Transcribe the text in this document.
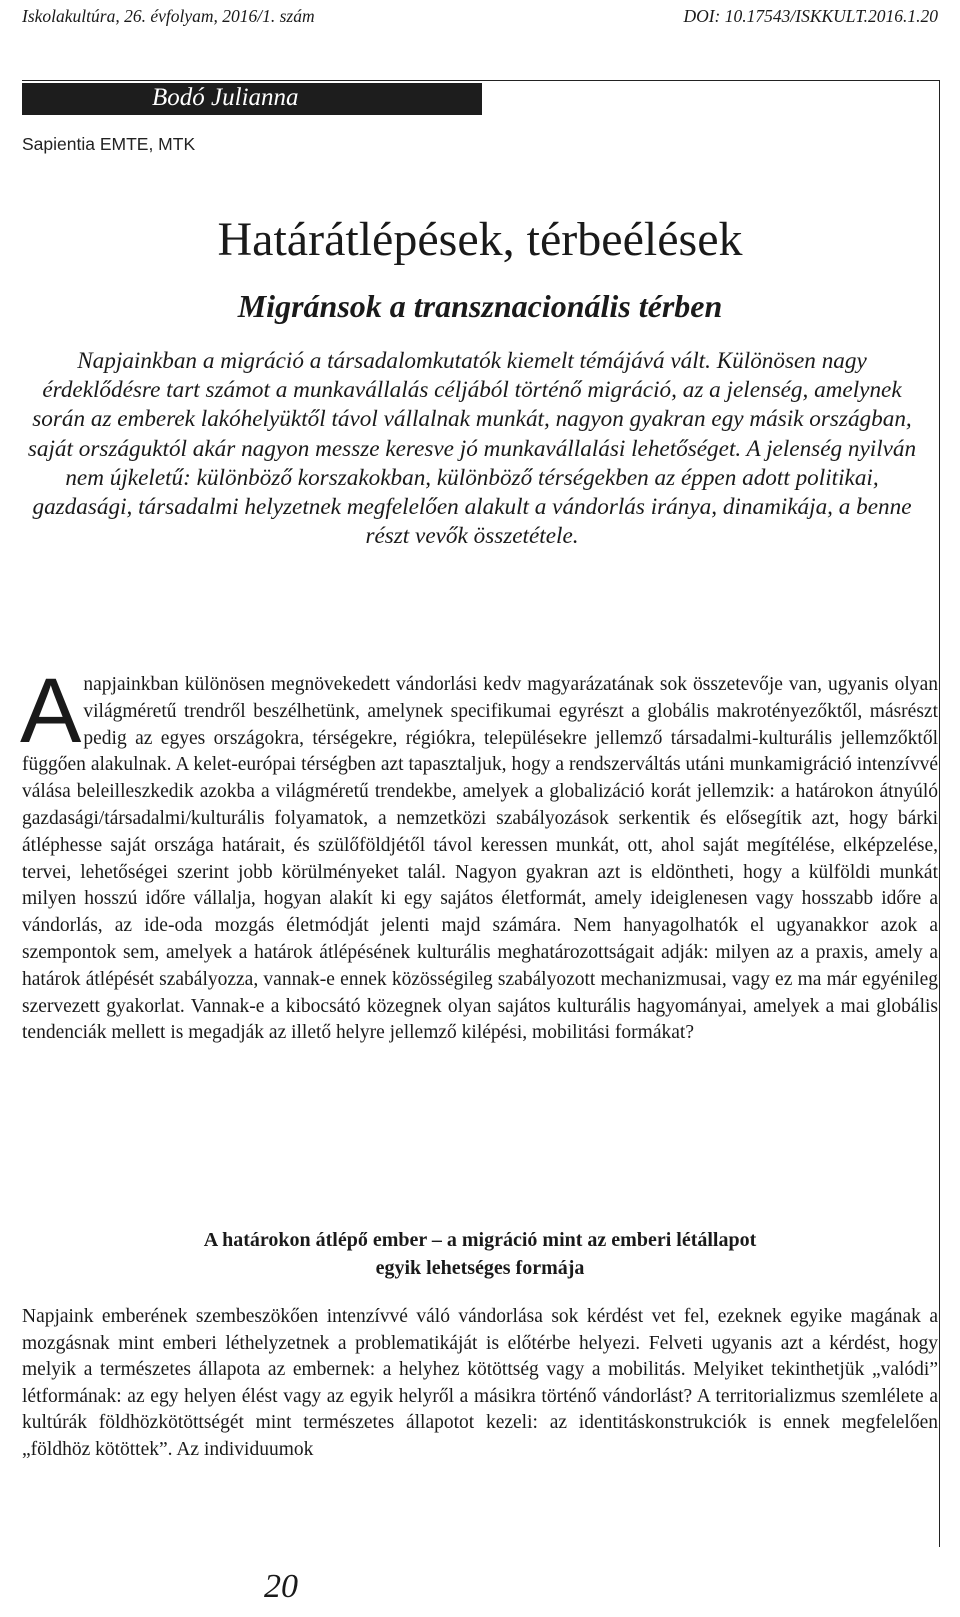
Iskolakultúra, 26. évfolyam, 2016/1. szám	DOI: 10.17543/ISKKULT.2016.1.20
Bodó Julianna
Sapientia EMTE, MTK
Határátlépések, térbeélések
Migránsok a transznacionális térben
Napjainkban a migráció a társadalomkutatók kiemelt témájává vált. Különösen nagy érdeklődésre tart számot a munkavállalás céljából történő migráció, az a jelenség, amelynek során az emberek lakóhelyüktől távol vállalnak munkát, nagyon gyakran egy másik országban, saját országuktól akár nagyon messze keresve jó munkavállalási lehetőséget. A jelenség nyilván nem újkeletű: különböző korszakokban, különböző térségekben az éppen adott politikai, gazdasági, társadalmi helyzetnek megfelelően alakult a vándorlás iránya, dinamikája, a benne részt vevők összetétele.
A napjainkban különösen megnövekedett vándorlási kedv magyarázatának sok összetevője van, ugyanis olyan világméretű trendről beszélhetünk, amelynek specifikumai egyrészt a globális makrotényezőktől, másrészt pedig az egyes országokra, térségekre, régiókra, településekre jellemző társadalmi-kulturális jellemzőktől függően alakulnak. A kelet-európai térségben azt tapasztaljuk, hogy a rendszerváltás utáni munkamigráció intenzívvé válása beleilleszkedik azokba a világméretű trendekbe, amelyek a globalizáció korát jellemzik: a határokon átnyúló gazdasági/társadalmi/kulturális folyamatok, a nemzetközi szabályozások serkentik és elősegítik azt, hogy bárki átléphesse saját országa határait, és szülőföldjétől távol keressen munkát, ott, ahol saját megítélése, elképzelése, tervei, lehetőségei szerint jobb körülményeket talál. Nagyon gyakran azt is eldöntheti, hogy a külföldi munkát milyen hosszú időre vállalja, hogyan alakít ki egy sajátos életformát, amely ideiglenesen vagy hosszabb időre a vándorlás, az ide-oda mozgás életmódját jelenti majd számára. Nem hanyagolhatók el ugyanakkor azok a szempontok sem, amelyek a határok átlépésének kulturális meghatározottságait adják: milyen az a praxis, amely a határok átlépését szabályozza, vannak-e ennek közösségileg szabályozott mechanizmusai, vagy ez ma már egyénileg szervezett gyakorlat. Vannak-e a kibocsátó közegnek olyan sajátos kulturális hagyományai, amelyek a mai globális tendenciák mellett is megadják az illető helyre jellemző kilépési, mobilitási formákat?
A határokon átlépő ember – a migráció mint az emberi létállapot
egyik lehetséges formája
Napjaink emberének szembeszökően intenzívvé váló vándorlása sok kérdést vet fel, ezeknek egyike magának a mozgásnak mint emberi léthelyzetnek a problematikáját is előtérbe helyezi. Felveti ugyanis azt a kérdést, hogy melyik a természetes állapota az embernek: a helyhez kötöttség vagy a mobilitás. Melyiket tekinthetjük „valódi” létformának: az egy helyen élést vagy az egyik helyről a másikra történő vándorlást? A territorializmus szemlélete a kultúrák földhözkötöttségét mint természetes állapotot kezeli: az identitáskonstrukciók is ennek megfelelően „földhöz kötöttek”. Az individuumok
20
